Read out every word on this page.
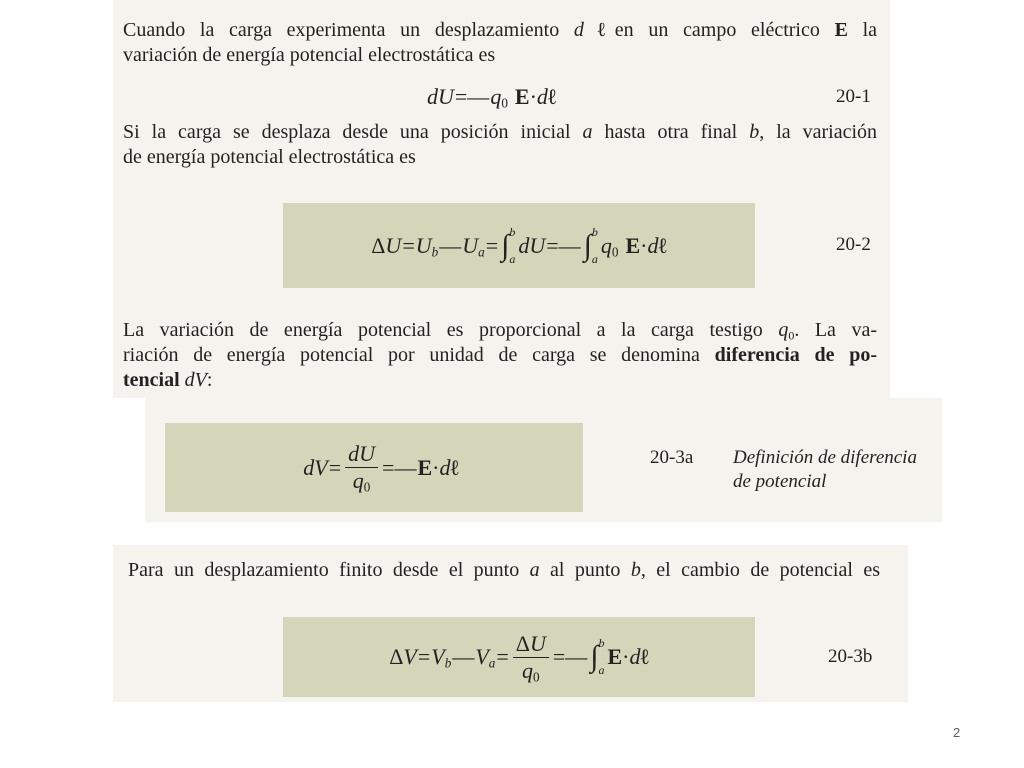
Cuando la carga experimenta un desplazamiento d ℓen un campo eléctrico E la
variación de energía potencial electrostática es
$dU=—q_0$ E·dℓ	20-1
Si la carga se desplaza desde una posición inicial a hasta otra final b, la variación
de energía potencial electrostática es
$\Delta U=U_b—U_a=$ ∫ b
a
dU=— ∫ b
a
$q_0$ E·dℓ	20-2
La variación de energía potencial es proporcional a la carga testigo $q_0$. La va-
riación de energía potencial por unidad de carga se denomina diferencia de po-
tencial dV:
$dV= \frac{dU}{q_0}$ =—E·dℓ	20-3a Definición de diferencia
de potencial
Para un desplazamiento finito desde el punto a al punto b, el cambio de potencial es
$\Delta V=V_b—V_a= \frac{\Delta U}{q_0}$ =— ∫ b
a
E·dℓ	20-3b
2
